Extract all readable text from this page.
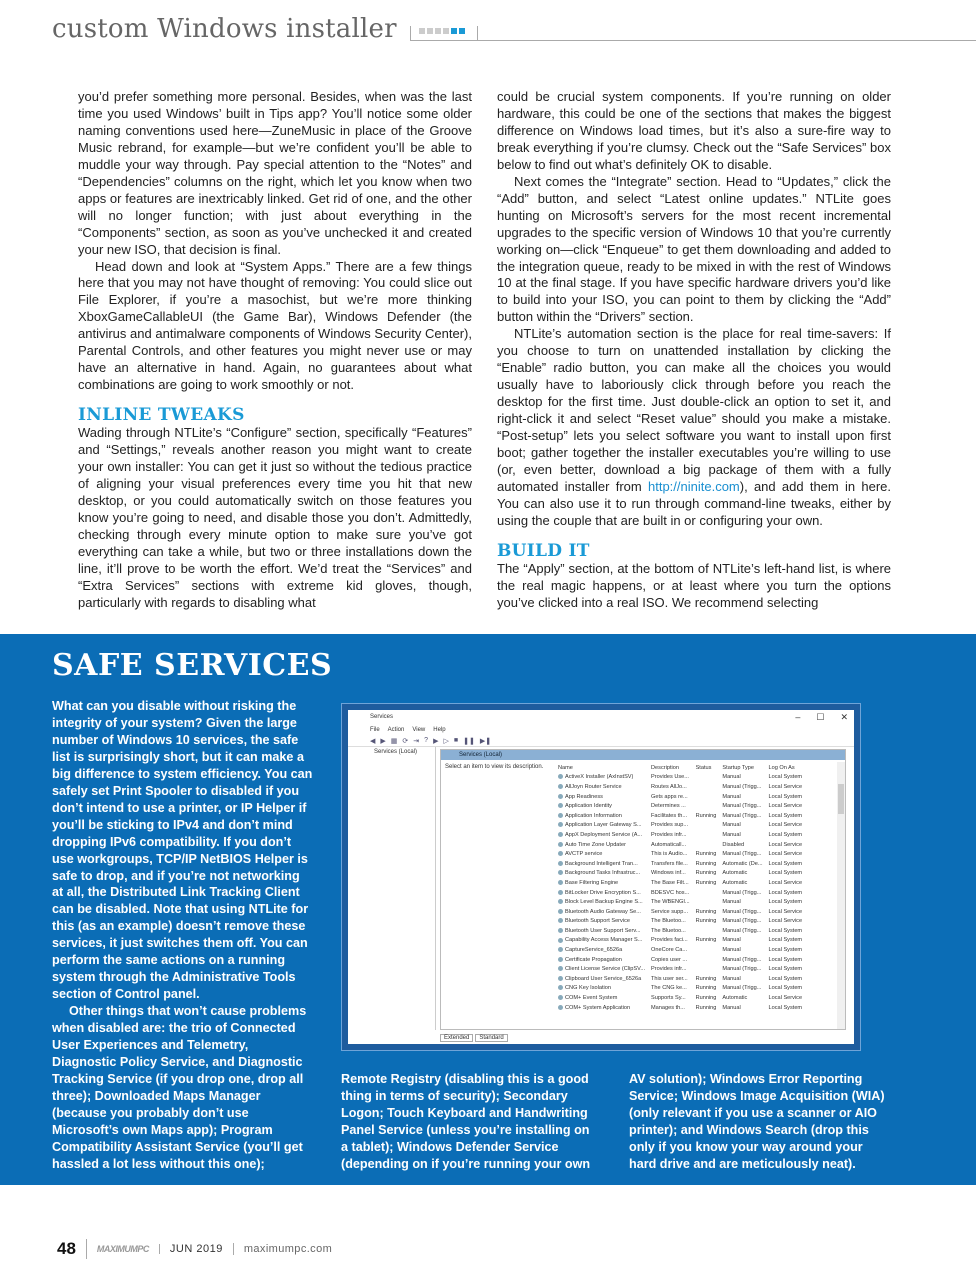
custom Windows installer

you’d prefer something more personal. Besides, when was the last time you used Windows’ built in Tips app? You’ll notice some older naming conventions used here—ZuneMusic in place of the Groove Music rebrand, for example—but we’re confident you’ll be able to muddle your way through. Pay special attention to the “Notes” and “Dependencies” columns on the right, which let you know when two apps or features are inextricably linked. Get rid of one, and the other will no longer function; with just about everything in the “Components” section, as soon as you’ve unchecked it and created your new ISO, that decision is final.

Head down and look at “System Apps.” There are a few things here that you may not have thought of removing: You could slice out File Explorer, if you’re a masochist, but we’re more thinking XboxGameCallableUI (the Game Bar), Windows Defender (the antivirus and antimalware components of Windows Security Center), Parental Controls, and other features you might never use or may have an alternative in hand. Again, no guarantees about what combinations are going to work smoothly or not.

INLINE TWEAKS

Wading through NTLite’s “Configure” section, specifically “Features” and “Settings,” reveals another reason you might want to create your own installer: You can get it just so without the tedious practice of aligning your visual preferences every time you hit that new desktop, or you could automatically switch on those features you know you’re going to need, and disable those you don’t. Admittedly, checking through every minute option to make sure you’ve got everything can take a while, but two or three installations down the line, it’ll prove to be worth the effort. We’d treat the “Services” and “Extra Services” sections with extreme kid gloves, though, particularly with regards to disabling what

could be crucial system components. If you’re running on older hardware, this could be one of the sections that makes the biggest difference on Windows load times, but it’s also a sure-fire way to break everything if you’re clumsy. Check out the “Safe Services” box below to find out what’s definitely OK to disable.

Next comes the “Integrate” section. Head to “Updates,” click the “Add” button, and select “Latest online updates.” NTLite goes hunting on Microsoft’s servers for the most recent incremental upgrades to the specific version of Windows 10 that you’re currently working on—click “Enqueue” to get them downloading and added to the integration queue, ready to be mixed in with the rest of Windows 10 at the final stage. If you have specific hardware drivers you’d like to build into your ISO, you can point to them by clicking the “Add” button within the “Drivers” section.

NTLite’s automation section is the place for real time-savers: If you choose to turn on unattended installation by clicking the “Enable” radio button, you can make all the choices you would usually have to laboriously click through before you reach the desktop for the first time. Just double-click an option to set it, and right-click it and select “Reset value” should you make a mistake. “Post-setup” lets you select software you want to install upon first boot; gather together the installer executables you’re willing to use (or, even better, download a big package of them with a fully automated installer from http://ninite.com), and add them in here. You can also use it to run through command-line tweaks, either by using the couple that are built in or configuring your own.

BUILD IT

The “Apply” section, at the bottom of NTLite’s left-hand list, is where the real magic happens, or at least where you turn the options you’ve clicked into a real ISO. We recommend selecting

SAFE SERVICES

What can you disable without risking the integrity of your system? Given the large number of Windows 10 services, the safe list is surprisingly short, but it can make a big difference to system efficiency. You can safely set Print Spooler to disabled if you don’t intend to use a printer, or IP Helper if you’ll be sticking to IPv4 and don’t mind dropping IPv6 compatibility. If you don’t use workgroups, TCP/IP NetBIOS Helper is safe to drop, and if you’re not networking at all, the Distributed Link Tracking Client can be disabled. Note that using NTLite for this (as an example) doesn’t remove these services, it just switches them off. You can perform the same actions on a running system through the Administrative Tools section of Control panel.

Other things that won’t cause problems when disabled are: the trio of Connected User Experiences and Telemetry, Diagnostic Policy Service, and Diagnostic Tracking Service (if you drop one, drop all three); Downloaded Maps Manager (because you probably don’t use Microsoft’s own Maps app); Program Compatibility Assistant Service (you’ll get hassled a lot less without this one);

Remote Registry (disabling this is a good thing in terms of security); Secondary Logon; Touch Keyboard and Handwriting Panel Service (unless you’re installing on a tablet); Windows Defender Service (depending on if you’re running your own
AV solution); Windows Error Reporting Service; Windows Image Acquisition (WIA) (only relevant if you use a scanner or AIO printer); and Windows Search (drop this only if you know your way around your hard drive and are meticulously neat).
Services	– ☐ ✕
File Action View Help
◀ ▶ ▦ ⟳ ⇥ ? ▶ ▷ ■ ❚❚ ▶❚
Services (Local)	Services (Local)
Select an item to view its description.	Name	Description	Status	Startup Type	Log On As
ActiveX Installer (AxInstSV)	Provides Use...		Manual	Local System
AllJoyn Router Service	Routes AllJo...		Manual (Trigg...	Local Service
App Readiness	Gets apps re...		Manual	Local System
Application Identity	Determines ...		Manual (Trigg...	Local Service
Application Information	Facilitates th...	Running	Manual (Trigg...	Local System
Application Layer Gateway S...	Provides sup...		Manual	Local Service
AppX Deployment Service (A...	Provides infr...		Manual	Local System
Auto Time Zone Updater	Automaticall...		Disabled	Local Service
AVCTP service	This is Audio...	Running	Manual (Trigg...	Local Service
Background Intelligent Tran...	Transfers file...	Running	Automatic (De...	Local System
Background Tasks Infrastruc...	Windows inf...	Running	Automatic	Local System
Base Filtering Engine	The Base Filt...	Running	Automatic	Local Service
BitLocker Drive Encryption S...	BDESVC hos...		Manual (Trigg...	Local System
Block Level Backup Engine S...	The WBENGI...		Manual	Local System
Bluetooth Audio Gateway Se...	Service supp...	Running	Manual (Trigg...	Local Service
Bluetooth Support Service	The Bluetoo...	Running	Manual (Trigg...	Local Service
Bluetooth User Support Serv...	The Bluetoo...		Manual (Trigg...	Local System
Capability Access Manager S...	Provides faci...	Running	Manual	Local System
CaptureService_6526a	OneCore Ca...		Manual	Local System
Certificate Propagation	Copies user ...		Manual (Trigg...	Local System
Client License Service (ClipSV...	Provides infr...		Manual (Trigg...	Local System
Clipboard User Service_6526a	This user ser...	Running	Manual	Local System
CNG Key Isolation	The CNG ke...	Running	Manual (Trigg...	Local System
COM+ Event System	Supports Sy...	Running	Automatic	Local Service
COM+ System Application	Manages th...	Running	Manual	Local System
Extended	Standard
48	MAXIMUMPC	JUN 2019	maximumpc.com
